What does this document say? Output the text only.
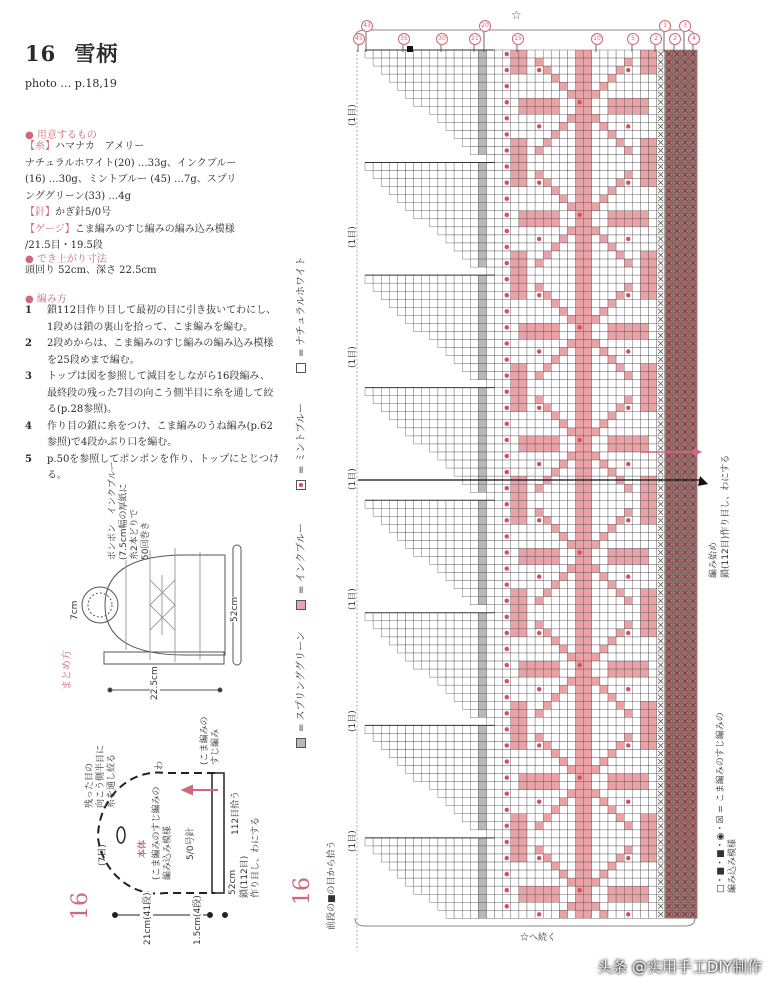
16 雪柄
photo … p.18,19
● 用意するもの
【糸】ハマナカ　アメリー
ナチュラルホワイト(20) …33g、インクブルー
(16) …30g、ミントブルー (45) …7g、スプリ
ンググリーン(33) …4g
【針】かぎ針5/0号
【ゲージ】こま編みのすじ編みの編み込み模様
/21.5目・19.5段
● でき上がり寸法
頭回り 52cm、深さ 22.5cm
● 編み方
1	鎖112目作り目して最初の目に引き抜いてわにし、1段めは鎖の裏山を拾って、こま編みを編む。
2	2段めからは、こま編みのすじ編みの編み込み模様を25段めまで編む。
3	トップは図を参照して減目をしながら16段編み、最終段の残った7目の向こう側半目に糸を通して絞る(p.28参照)。
4	作り目の鎖に糸をつけ、こま編みのうね編み(p.62参照)で4段かぶり口を編む。
5	p.50を参照してポンポンを作り、トップにとじつける。
まとめ方
7cm
ポンポン　インクブルー (7.5cm幅の厚紙に 糸2本どりで 50回巻き
52cm
22.5cm
残った目の 向こう側半目に 糸を通し絞る
(7目)
わ
本体 (こま編みのすじ編みの 編み込み模様	5/0号針
(こま編みの すじ編み
112目拾う
52cm 鎖(112目) 作り目し、わにする
16	21cm(41段)	1.5cm(4段)
= スプリンググリーン
= インクブルー
= ミントブルー
= ナチュラルホワイト
16
☆
前段の■の目から拾う
☆へ続く
編み始め 鎖(112目)作り目し、わにする
□・■・■・◉・☒ = こま編みのすじ編みの 編み込み模様
45
43
35	30	21
20
15	10	5	2
1
2
3
4
(1目)
(1目)
(1目)
(1目)
(1目)
(1目)
(1目)
头条 @实用手工DIY制作
